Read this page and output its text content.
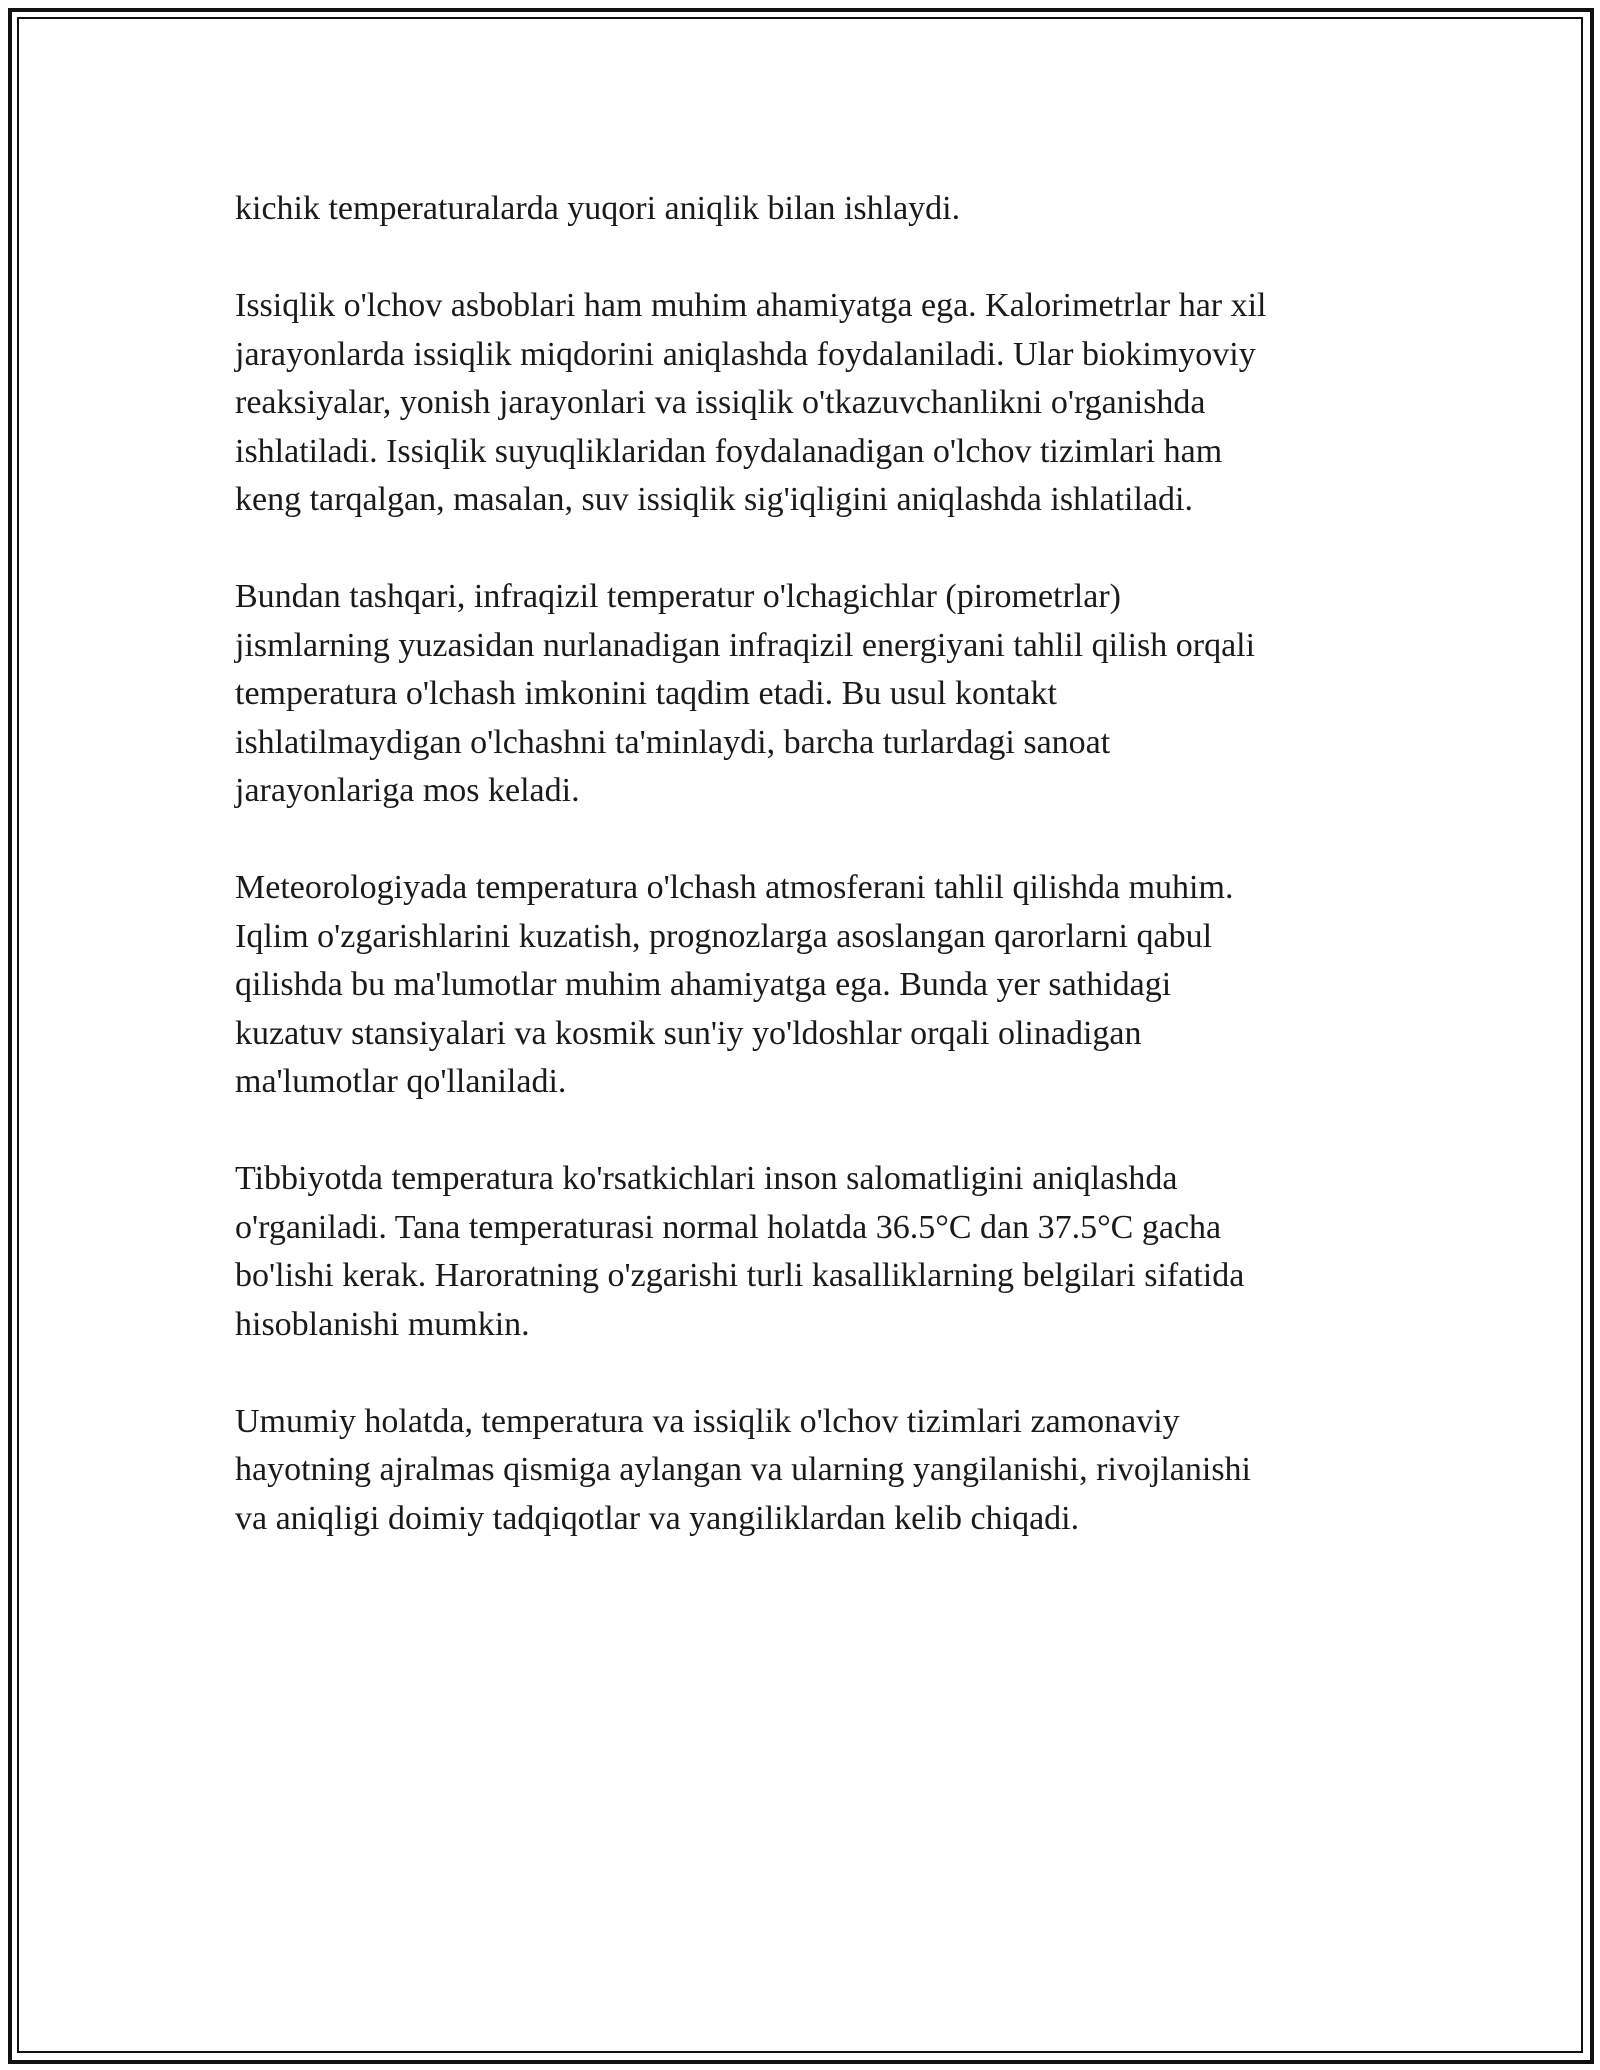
kichik temperaturalarda yuqori aniqlik bilan ishlaydi.

Issiqlik o'lchov asboblari ham muhim ahamiyatga ega. Kalorimetrlar har xil
jarayonlarda issiqlik miqdorini aniqlashda foydalaniladi. Ular biokimyoviy
reaksiyalar, yonish jarayonlari va issiqlik o'tkazuvchanlikni o'rganishda
ishlatiladi. Issiqlik suyuqliklaridan foydalanadigan o'lchov tizimlari ham
keng tarqalgan, masalan, suv issiqlik sig'iqligini aniqlashda ishlatiladi.

Bundan tashqari, infraqizil temperatur o'lchagichlar (pirometrlar)
jismlarning yuzasidan nurlanadigan infraqizil energiyani tahlil qilish orqali
temperatura o'lchash imkonini taqdim etadi. Bu usul kontakt
ishlatilmaydigan o'lchashni ta'minlaydi, barcha turlardagi sanoat
jarayonlariga mos keladi.

Meteorologiyada temperatura o'lchash atmosferani tahlil qilishda muhim.
Iqlim o'zgarishlarini kuzatish, prognozlarga asoslangan qarorlarni qabul
qilishda bu ma'lumotlar muhim ahamiyatga ega. Bunda yer sathidagi
kuzatuv stansiyalari va kosmik sun'iy yo'ldoshlar orqali olinadigan
ma'lumotlar qo'llaniladi.

Tibbiyotda temperatura ko'rsatkichlari inson salomatligini aniqlashda
o'rganiladi. Tana temperaturasi normal holatda 36.5°C dan 37.5°C gacha
bo'lishi kerak. Haroratning o'zgarishi turli kasalliklarning belgilari sifatida
hisoblanishi mumkin.

Umumiy holatda, temperatura va issiqlik o'lchov tizimlari zamonaviy
hayotning ajralmas qismiga aylangan va ularning yangilanishi, rivojlanishi
va aniqligi doimiy tadqiqotlar va yangiliklardan kelib chiqadi.
